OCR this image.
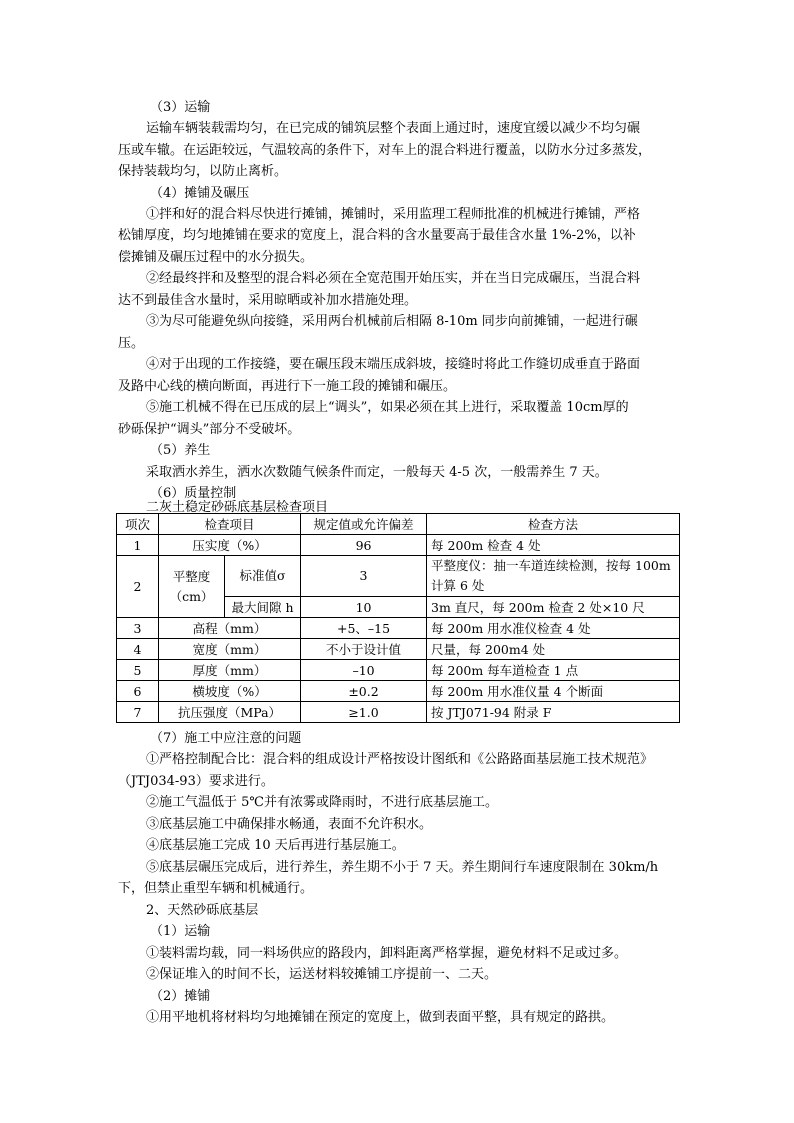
（3）运输
运输车辆装载需均匀，在已完成的铺筑层整个表面上通过时，速度宜缓以减少不均匀碾
压或车辙。在运距较远，气温较高的条件下，对车上的混合料进行覆盖，以防水分过多蒸发，
保持装载均匀，以防止离析。
（4）摊铺及碾压
①拌和好的混合料尽快进行摊铺，摊铺时，采用监理工程师批准的机械进行摊铺，严格
松铺厚度，均匀地摊铺在要求的宽度上，混合料的含水量要高于最佳含水量 1%-2%，以补
偿摊铺及碾压过程中的水分损失。
②经最终拌和及整型的混合料必须在全宽范围开始压实，并在当日完成碾压，当混合料
达不到最佳含水量时，采用晾晒或补加水措施处理。
③为尽可能避免纵向接缝，采用两台机械前后相隔 8-10m 同步向前摊铺，一起进行碾
压。
④对于出现的工作接缝，要在碾压段末端压成斜坡，接缝时将此工作缝切成垂直于路面
及路中心线的横向断面，再进行下一施工段的摊铺和碾压。
⑤施工机械不得在已压成的层上“调头”，如果必须在其上进行，采取覆盖 10cm厚的
砂砾保护“调头”部分不受破坏。
（5）养生
采取洒水养生，洒水次数随气候条件而定，一般每天 4-5 次，一般需养生 7 天。
（6）质量控制
二灰土稳定砂砾底基层检查项目
项次	检查项目		规定值或允许偏差	检查方法
1	压实度（%）		96	每 200m 检查 4 处
2	平整度（cm）	标准值σ	3	平整度仪：抽一车道连续检测，按每 100m 计算 6 处
		最大间隙 h	10	3m 直尺，每 200m 检查 2 处×10 尺
3	高程（mm）		+5、–15	每 200m 用水准仪检查 4 处
4	宽度（mm）		不小于设计值	尺量，每 200m4 处
5	厚度（mm）		–10	每 200m 每车道检查 1 点
6	横坡度（%）		±0.2	每 200m 用水准仪量 4 个断面
7	抗压强度（MPa）		≥1.0	按 JTJ071-94 附录 F
（7）施工中应注意的问题
①严格控制配合比：混合料的组成设计严格按设计图纸和《公路路面基层施工技术规范》
（JTJ034-93）要求进行。
②施工气温低于 5℃并有浓雾或降雨时，不进行底基层施工。
③底基层施工中确保排水畅通，表面不允许积水。
④底基层施工完成 10 天后再进行基层施工。
⑤底基层碾压完成后，进行养生，养生期不小于 7 天。养生期间行车速度限制在 30km/h
下，但禁止重型车辆和机械通行。
2、天然砂砾底基层
（1）运输
①装料需均载，同一料场供应的路段内，卸料距离严格掌握，避免材料不足或过多。
②保证堆入的时间不长，运送材料较摊铺工序提前一、二天。
（2）摊铺
①用平地机将材料均匀地摊铺在预定的宽度上，做到表面平整，具有规定的路拱。
